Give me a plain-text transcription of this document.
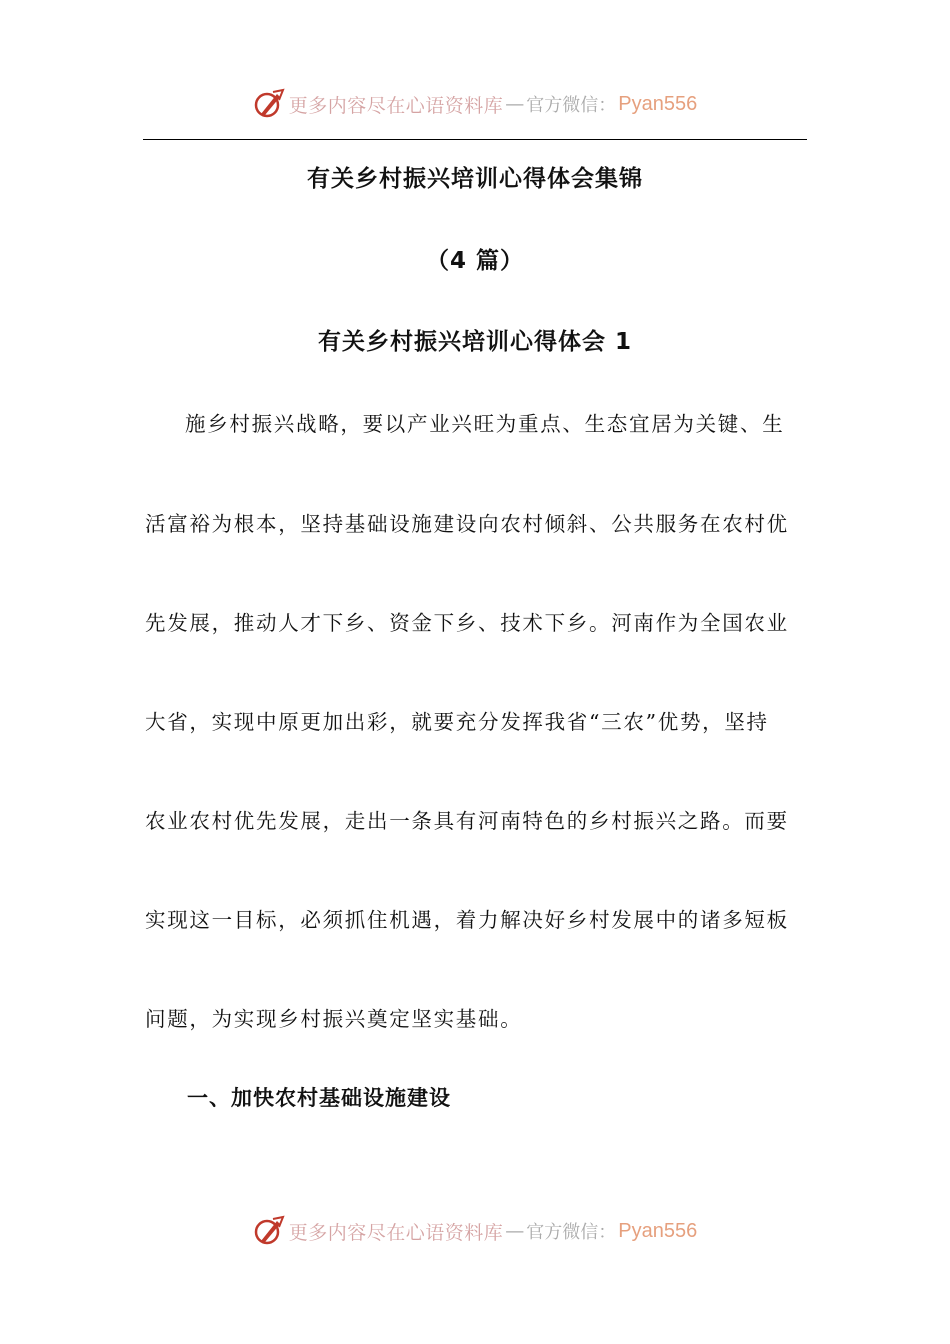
更多内容尽在心语资料库 — 官方微信： Pyan556
有关乡村振兴培训心得体会集锦
（4 篇）
有关乡村振兴培训心得体会 1
施乡村振兴战略，要以产业兴旺为重点、生态宜居为关键、生
活富裕为根本，坚持基础设施建设向农村倾斜、公共服务在农村优
先发展，推动人才下乡、资金下乡、技术下乡。河南作为全国农业
大省，实现中原更加出彩，就要充分发挥我省“三农”优势，坚持
农业农村优先发展，走出一条具有河南特色的乡村振兴之路。而要
实现这一目标，必须抓住机遇，着力解决好乡村发展中的诸多短板
问题，为实现乡村振兴奠定坚实基础。
一、加快农村基础设施建设
更多内容尽在心语资料库 — 官方微信： Pyan556
